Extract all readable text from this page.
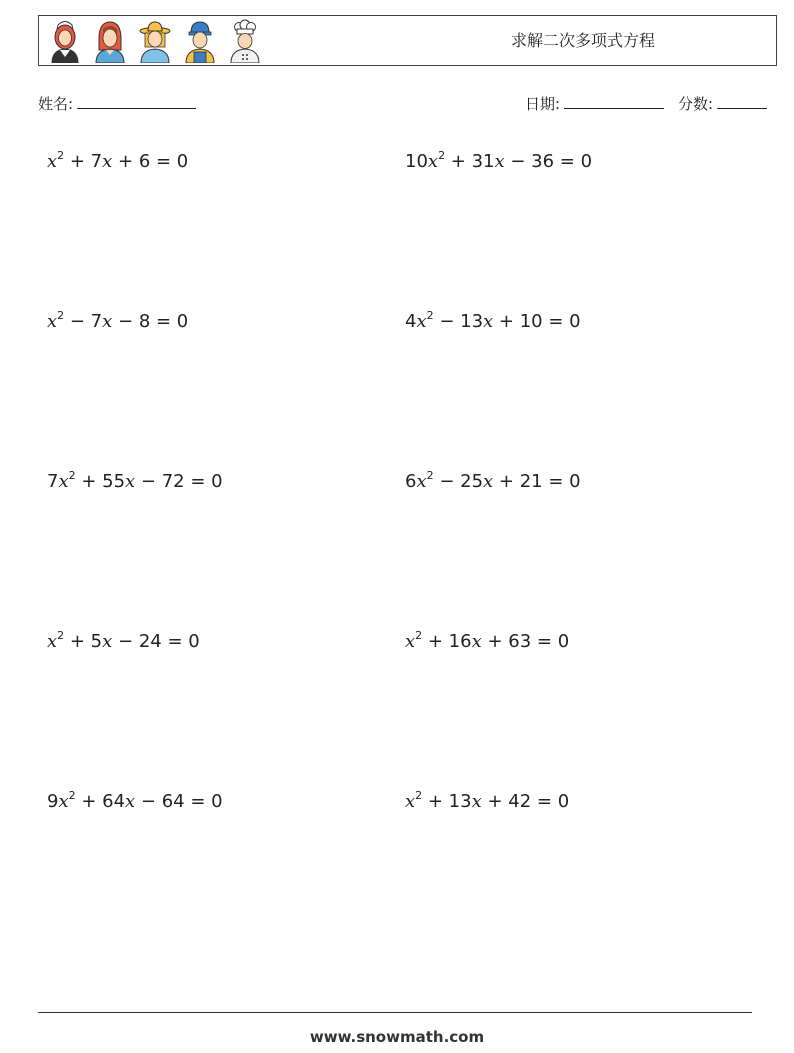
求解二次多项式方程
姓名:	日期:	分数:
$x^2 + 7x + 6 = 0$	$10x^2 + 31x - 36 = 0$
$x^2 - 7x - 8 = 0$	$4x^2 - 13x + 10 = 0$
$7x^2 + 55x - 72 = 0$	$6x^2 - 25x + 21 = 0$
$x^2 + 5x - 24 = 0$	$x^2 + 16x + 63 = 0$
$9x^2 + 64x - 64 = 0$	$x^2 + 13x + 42 = 0$
www.snowmath.com
